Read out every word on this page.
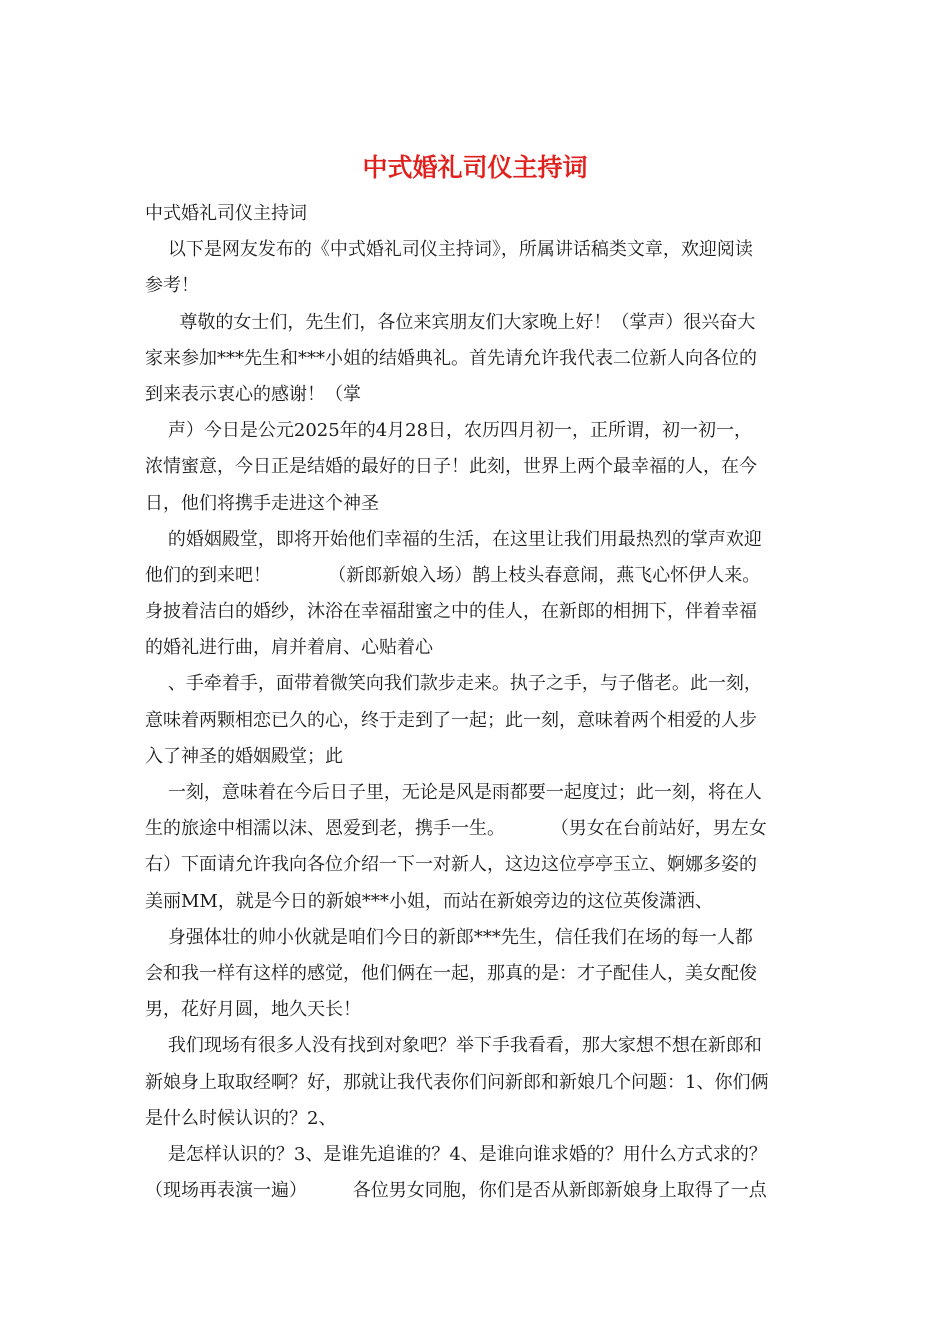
中式婚礼司仪主持词
中式婚礼司仪主持词
以下是网友发布的《中式婚礼司仪主持词》，所属讲话稿类文章，欢迎阅读
参考！
尊敬的女士们，先生们，各位来宾朋友们大家晚上好！（掌声）很兴奋大
家来参加***先生和***小姐的结婚典礼。首先请允许我代表二位新人向各位的
到来表示衷心的感谢！（掌
声）今日是公元2025年的4月28日，农历四月初一，正所谓，初一初一，
浓情蜜意，今日正是结婚的最好的日子！此刻，世界上两个最幸福的人，在今
日，他们将携手走进这个神圣
的婚姻殿堂，即将开始他们幸福的生活，在这里让我们用最热烈的掌声欢迎
他们的到来吧！          （新郎新娘入场）鹊上枝头春意闹，燕飞心怀伊人来。
身披着洁白的婚纱，沐浴在幸福甜蜜之中的佳人，在新郎的相拥下，伴着幸福
的婚礼进行曲，肩并着肩、心贴着心
、手牵着手，面带着微笑向我们款步走来。执子之手，与子偕老。此一刻，
意味着两颗相恋已久的心，终于走到了一起；此一刻，意味着两个相爱的人步
入了神圣的婚姻殿堂；此
一刻，意味着在今后日子里，无论是风是雨都要一起度过；此一刻，将在人
生的旅途中相濡以沫、恩爱到老，携手一生。        （男女在台前站好，男左女
右）下面请允许我向各位介绍一下一对新人，这边这位亭亭玉立、婀娜多姿的
美丽MM，就是今日的新娘***小姐，而站在新娘旁边的这位英俊潇洒、
身强体壮的帅小伙就是咱们今日的新郎***先生，信任我们在场的每一人都
会和我一样有这样的感觉，他们俩在一起，那真的是：才子配佳人，美女配俊
男，花好月圆，地久天长！
我们现场有很多人没有找到对象吧？举下手我看看，那大家想不想在新郎和
新娘身上取取经啊？好，那就让我代表你们问新郎和新娘几个问题：1、你们俩
是什么时候认识的？2、
是怎样认识的？3、是谁先追谁的？4、是谁向谁求婚的？用什么方式求的？
（现场再表演一遍）        各位男女同胞，你们是否从新郎新娘身上取得了一点
